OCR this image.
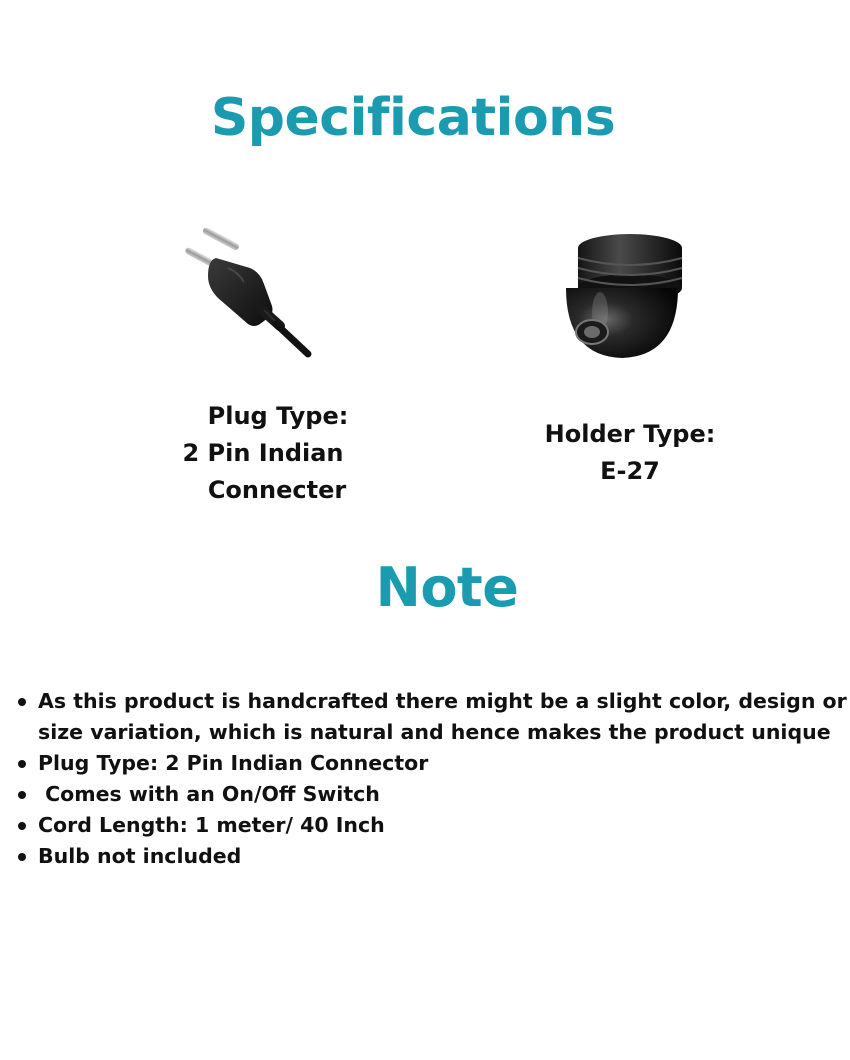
Specifications
Plug Type:
2 Pin Indian
Connecter
Holder Type:
E-27
Note
As this product is handcrafted there might be a slight color, design or size variation, which is natural and hence makes the product unique
Plug Type: 2 Pin Indian Connector
Comes with an On/Off Switch
Cord Length: 1 meter/ 40 Inch
Bulb not included
